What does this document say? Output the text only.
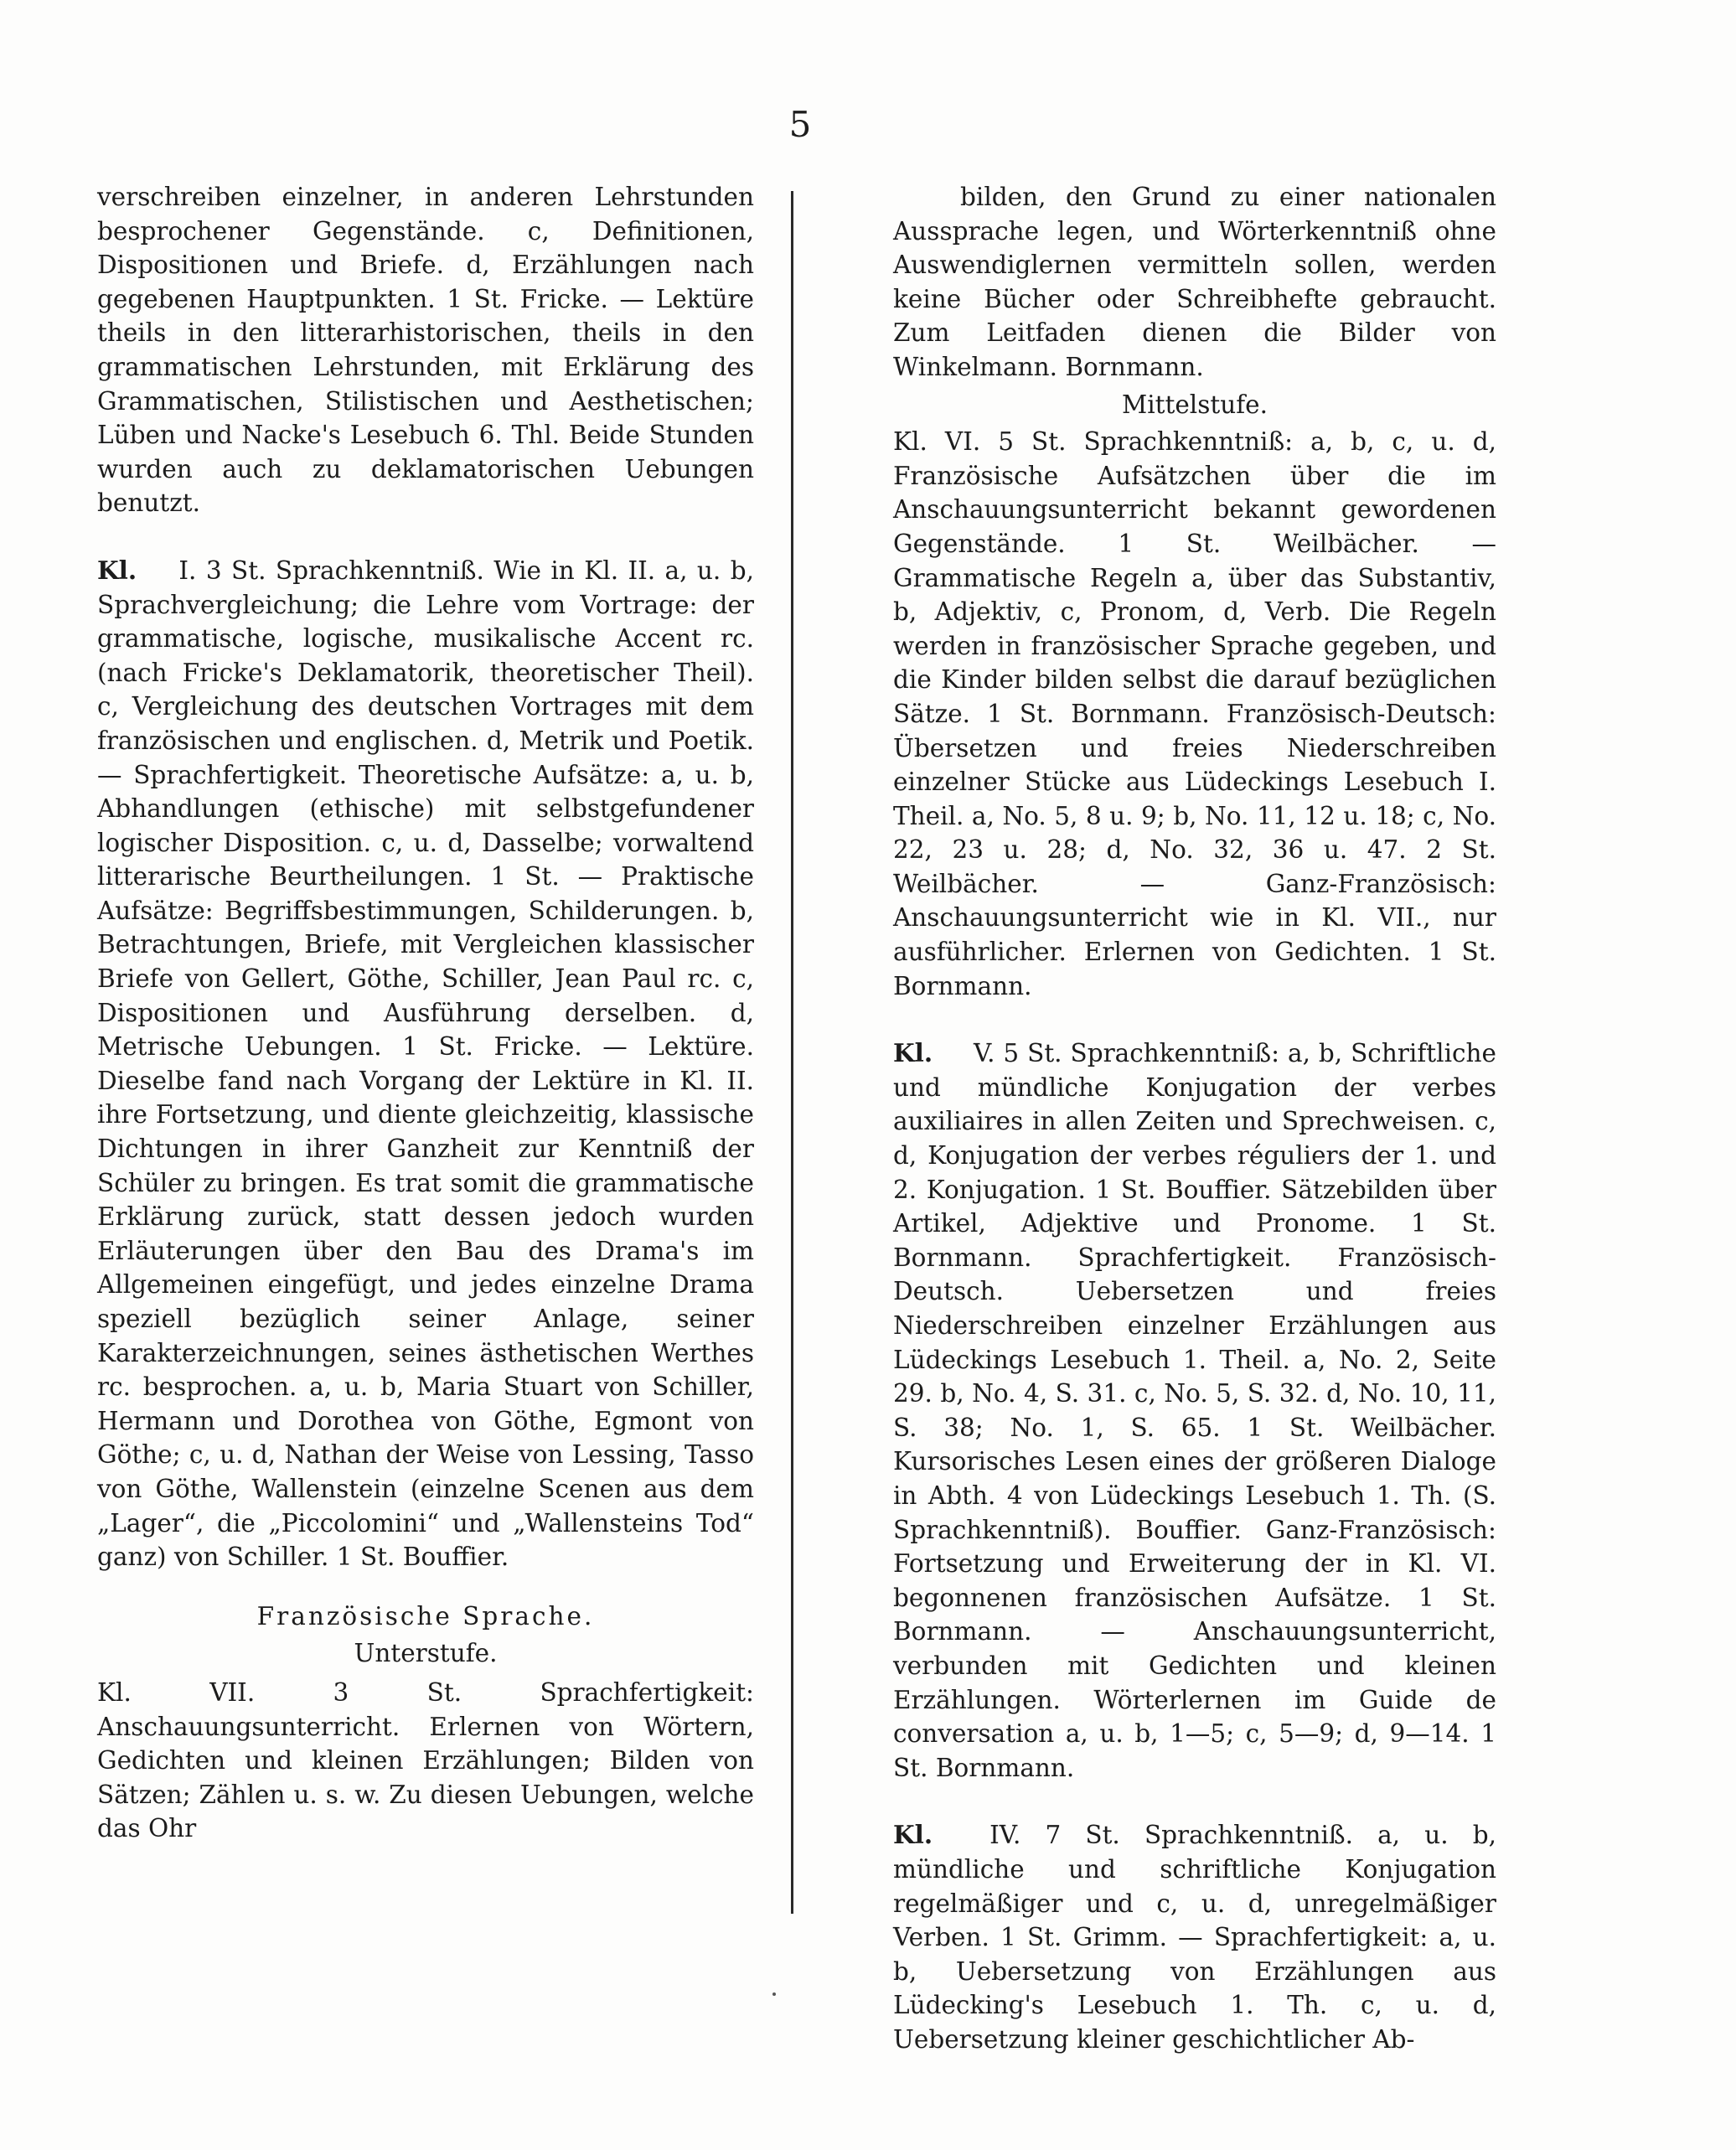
5

verschreiben einzelner, in anderen Lehrstunden besprochener Gegenstände. c, Definitionen, Dispositionen und Briefe. d, Erzählungen nach gegebenen Hauptpunkten. 1 St. Fricke. — Lektüre theils in den litterarhistorischen, theils in den grammatischen Lehrstunden, mit Erklärung des Grammatischen, Stilistischen und Aesthetischen; Lüben und Nacke's Lesebuch 6. Thl. Beide Stunden wurden auch zu deklamatorischen Uebungen benutzt.

Kl. I. 3 St. Sprachkenntniß. Wie in Kl. II. a, u. b, Sprachvergleichung; die Lehre vom Vortrage: der grammatische, logische, musikalische Accent rc. (nach Fricke's Deklamatorik, theoretischer Theil). c, Vergleichung des deutschen Vortrages mit dem französischen und englischen. d, Metrik und Poetik. — Sprachfertigkeit. Theoretische Aufsätze: a, u. b, Abhandlungen (ethische) mit selbstgefundener logischer Disposition. c, u. d, Dasselbe; vorwaltend litterarische Beurtheilungen. 1 St. — Praktische Aufsätze: Begriffsbestimmungen, Schilderungen. b, Betrachtungen, Briefe, mit Vergleichen klassischer Briefe von Gellert, Göthe, Schiller, Jean Paul rc. c, Dispositionen und Ausführung derselben. d, Metrische Uebungen. 1 St. Fricke. — Lektüre. Dieselbe fand nach Vorgang der Lektüre in Kl. II. ihre Fortsetzung, und diente gleichzeitig, klassische Dichtungen in ihrer Ganzheit zur Kenntniß der Schüler zu bringen. Es trat somit die grammatische Erklärung zurück, statt dessen jedoch wurden Erläuterungen über den Bau des Drama's im Allgemeinen eingefügt, und jedes einzelne Drama speziell bezüglich seiner Anlage, seiner Karakterzeichnungen, seines ästhetischen Werthes rc. besprochen. a, u. b, Maria Stuart von Schiller, Hermann und Dorothea von Göthe, Egmont von Göthe; c, u. d, Nathan der Weise von Lessing, Tasso von Göthe, Wallenstein (einzelne Scenen aus dem „Lager“, die „Piccolomini“ und „Wallensteins Tod“ ganz) von Schiller. 1 St. Bouffier.

Französische Sprache.

Unterstufe.

Kl.	VII. 3 St. Sprachfertigkeit: Anschauungsunterricht. Erlernen von Wörtern, Gedichten und kleinen Erzählungen; Bilden von Sätzen; Zählen u. s. w. Zu diesen Uebungen, welche das Ohr

bilden, den Grund zu einer nationalen Aussprache legen, und Wörterkenntniß ohne Auswendiglernen vermitteln sollen, werden keine Bücher oder Schreibhefte gebraucht. Zum Leitfaden dienen die Bilder von Winkelmann. Bornmann.

Mittelstufe.

Kl. VI. 5 St. Sprachkenntniß: a, b, c, u. d, Französische Aufsätzchen über die im Anschauungsunterricht bekannt gewordenen Gegenstände. 1 St. Weilbächer. — Grammatische Regeln a, über das Substantiv, b, Adjektiv, c, Pronom, d, Verb. Die Regeln werden in französischer Sprache gegeben, und die Kinder bilden selbst die darauf bezüglichen Sätze. 1 St. Bornmann. Französisch-Deutsch: Übersetzen und freies Niederschreiben einzelner Stücke aus Lüdeckings Lesebuch I. Theil. a, No. 5, 8 u. 9; b, No. 11, 12 u. 18; c, No. 22, 23 u. 28; d, No. 32, 36 u. 47. 2 St. Weilbächer. — Ganz-Französisch: Anschauungsunterricht wie in Kl. VII., nur ausführlicher. Erlernen von Gedichten. 1 St. Bornmann.

Kl. V. 5 St. Sprachkenntniß: a, b, Schriftliche und mündliche Konjugation der verbes auxiliaires in allen Zeiten und Sprechweisen. c, d, Konjugation der verbes réguliers der 1. und 2. Konjugation. 1 St. Bouffier. Sätzebilden über Artikel, Adjektive und Pronome. 1 St. Bornmann. Sprachfertigkeit. Französisch-Deutsch. Uebersetzen und freies Niederschreiben einzelner Erzählungen aus Lüdeckings Lesebuch 1. Theil. a, No. 2, Seite 29. b, No. 4, S. 31. c, No. 5, S. 32. d, No. 10, 11, S. 38; No. 1, S. 65. 1 St. Weilbächer. Kursorisches Lesen eines der größeren Dialoge in Abth. 4 von Lüdeckings Lesebuch 1. Th. (S. Sprachkenntniß). Bouffier. Ganz-Französisch: Fortsetzung und Erweiterung der in Kl. VI. begonnenen französischen Aufsätze. 1 St. Bornmann. — Anschauungsunterricht, verbunden mit Gedichten und kleinen Erzählungen. Wörterlernen im Guide de conversation a, u. b, 1—5; c, 5—9; d, 9—14. 1 St. Bornmann.

Kl. IV. 7 St. Sprachkenntniß. a, u. b, mündliche und schriftliche Konjugation regelmäßiger und c, u. d, unregelmäßiger Verben. 1 St. Grimm. — Sprachfertigkeit: a, u. b, Uebersetzung von Erzählungen aus Lüdecking's Lesebuch 1. Th. c, u. d, Uebersetzung kleiner geschichtlicher Ab-
